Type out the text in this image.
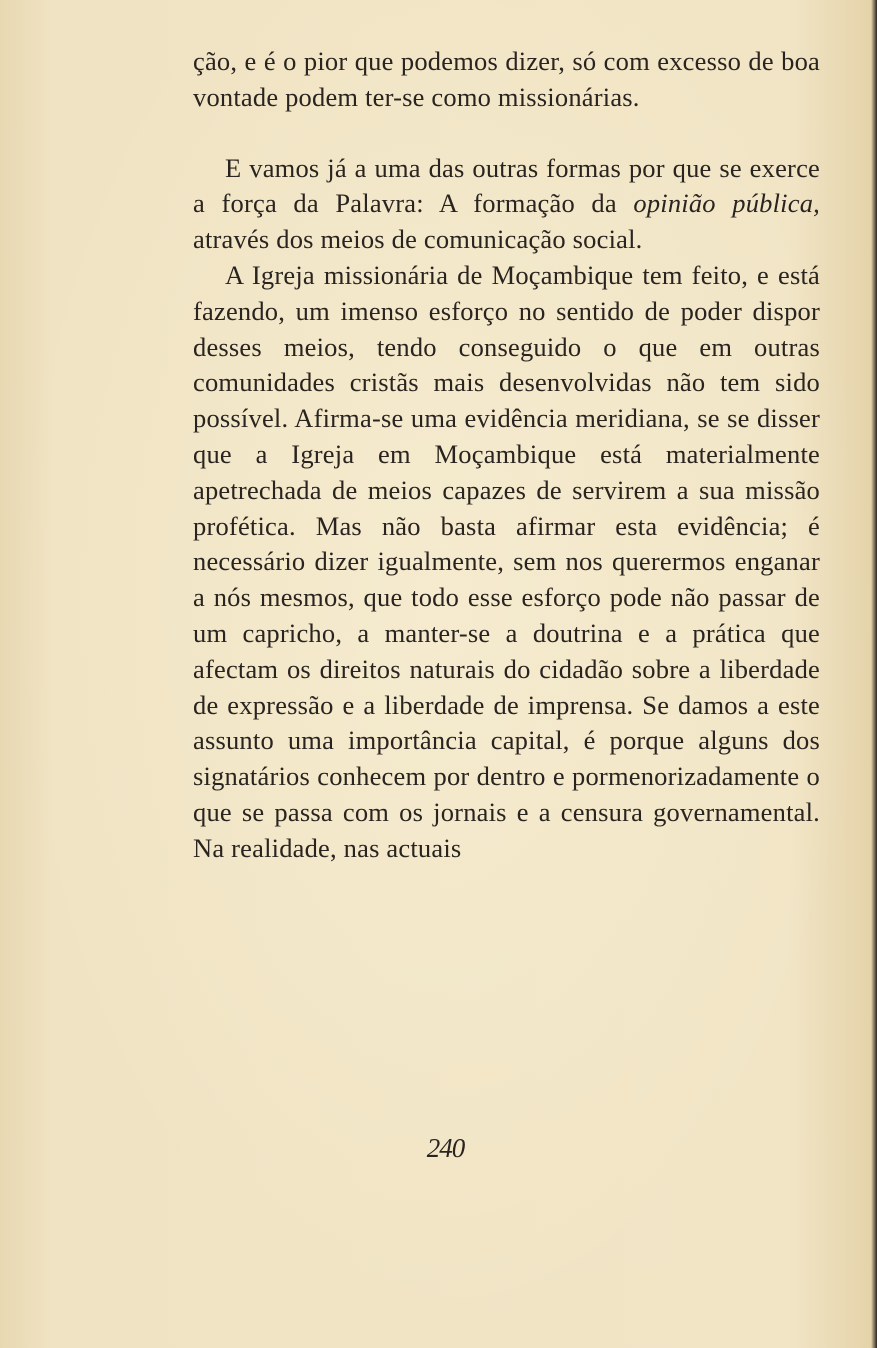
ção, e é o pior que podemos dizer, só com excesso de boa vontade podem ter-se como missionárias.

E vamos já a uma das outras formas por que se exerce a força da Palavra: A formação da opinião pública, através dos meios de comunicação social.

A Igreja missionária de Moçambique tem feito, e está fazendo, um imenso esforço no sentido de poder dispor desses meios, tendo conseguido o que em outras comunidades cristãs mais desenvolvidas não tem sido possível. Afirma-se uma evidência meridiana, se se disser que a Igreja em Moçambique está materialmente apetrechada de meios capazes de servirem a sua missão profética. Mas não basta afirmar esta evidência; é necessário dizer igualmente, sem nos querermos enganar a nós mesmos, que todo esse esforço pode não passar de um capricho, a manter-se a doutrina e a prática que afectam os direitos naturais do cidadão sobre a liberdade de expressão e a liberdade de imprensa. Se damos a este assunto uma importância capital, é porque alguns dos signatários conhecem por dentro e pormenorizadamente o que se passa com os jornais e a censura governamental. Na realidade, nas actuais

240
